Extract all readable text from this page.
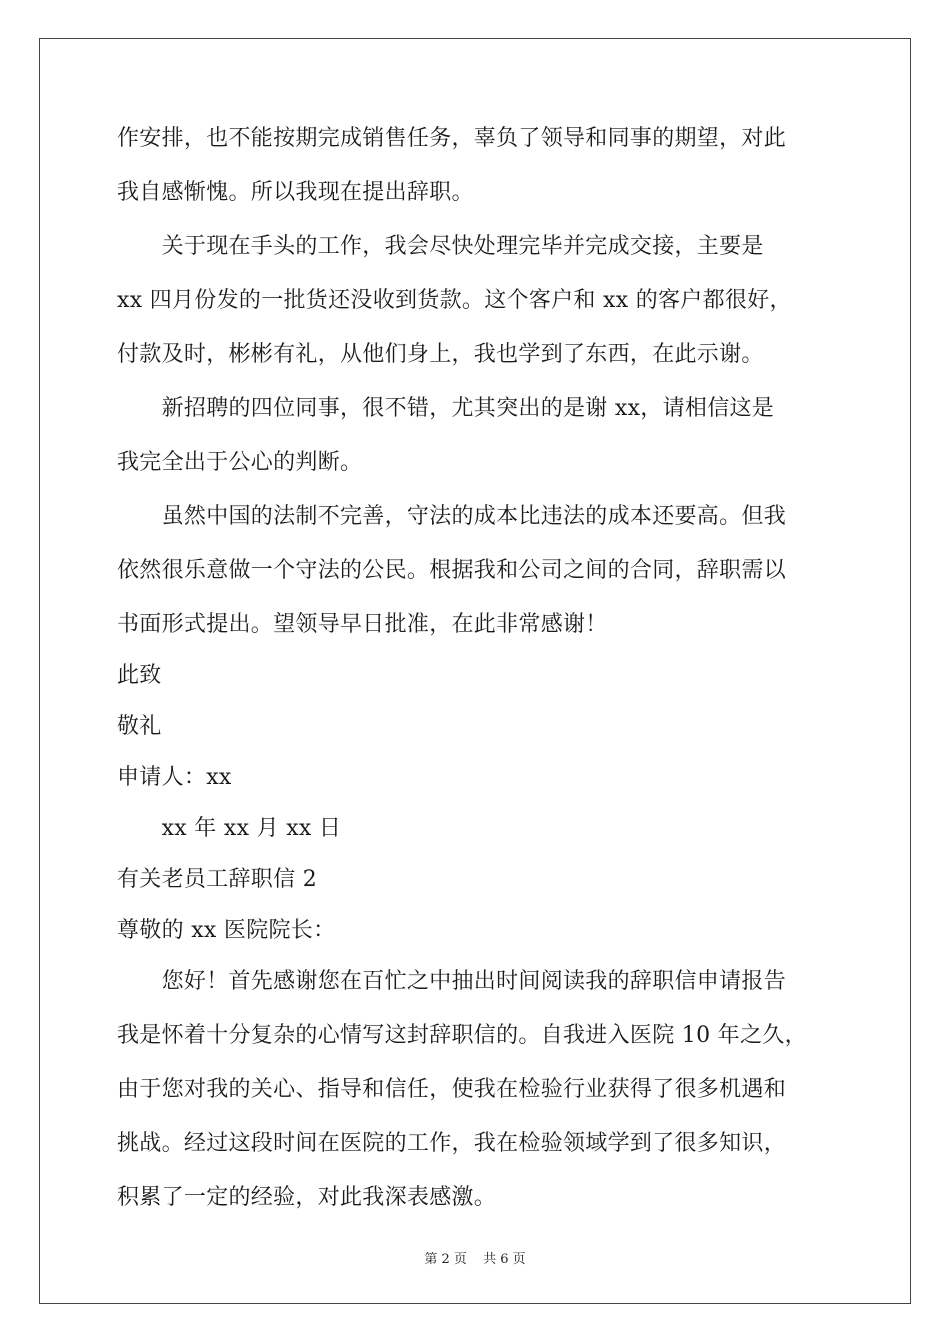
作安排，也不能按期完成销售任务，辜负了领导和同事的期望，对此
我自感惭愧。所以我现在提出辞职。
　　关于现在手头的工作，我会尽快处理完毕并完成交接，主要是
xx 四月份发的一批货还没收到货款。这个客户和 xx 的客户都很好，
付款及时，彬彬有礼，从他们身上，我也学到了东西，在此示谢。
　　新招聘的四位同事，很不错，尤其突出的是谢 xx，请相信这是
我完全出于公心的判断。
　　虽然中国的法制不完善，守法的成本比违法的成本还要高。但我
依然很乐意做一个守法的公民。根据我和公司之间的合同，辞职需以
书面形式提出。望领导早日批准，在此非常感谢！
此致
敬礼
申请人：xx
　　xx 年 xx 月 xx 日
有关老员工辞职信 2
尊敬的 xx 医院院长：
　　您好！首先感谢您在百忙之中抽出时间阅读我的辞职信申请报告
我是怀着十分复杂的心情写这封辞职信的。自我进入医院 10 年之久，
由于您对我的关心、指导和信任，使我在检验行业获得了很多机遇和
挑战。经过这段时间在医院的工作，我在检验领域学到了很多知识，
积累了一定的经验，对此我深表感激。
第 2 页 共 6 页
